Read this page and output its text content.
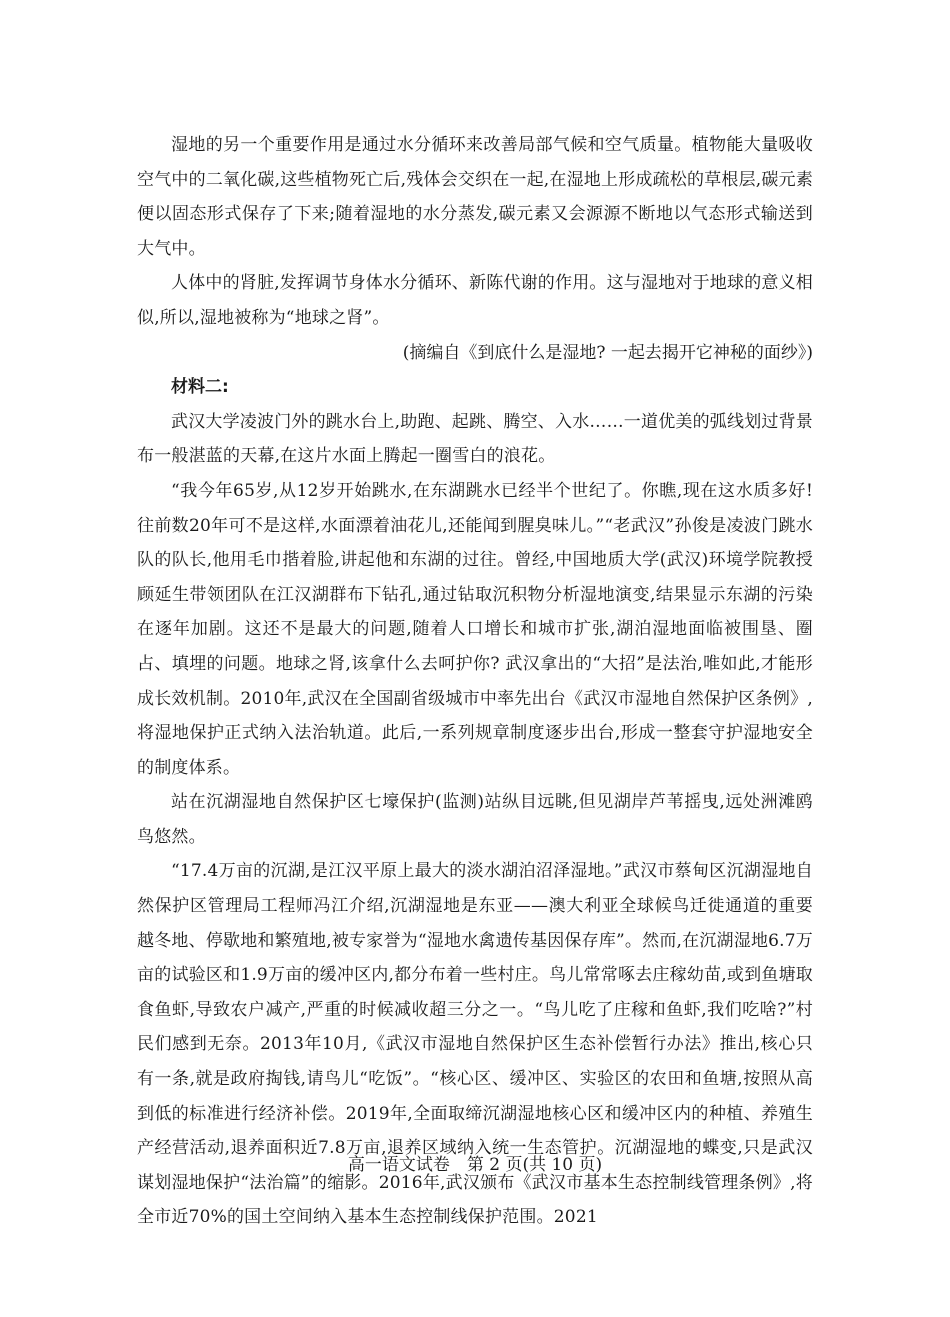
湿地的另一个重要作用是通过水分循环来改善局部气候和空气质量。植物能大量吸收空气中的二氧化碳,这些植物死亡后,残体会交织在一起,在湿地上形成疏松的草根层,碳元素便以固态形式保存了下来;随着湿地的水分蒸发,碳元素又会源源不断地以气态形式输送到大气中。

人体中的肾脏,发挥调节身体水分循环、新陈代谢的作用。这与湿地对于地球的意义相似,所以,湿地被称为“地球之肾”。

(摘编自《到底什么是湿地? 一起去揭开它神秘的面纱》)

材料二:

武汉大学凌波门外的跳水台上,助跑、起跳、腾空、入水……一道优美的弧线划过背景布一般湛蓝的天幕,在这片水面上腾起一圈雪白的浪花。

“我今年65岁,从12岁开始跳水,在东湖跳水已经半个世纪了。你瞧,现在这水质多好! 往前数20年可不是这样,水面漂着油花儿,还能闻到腥臭味儿。”“老武汉”孙俊是凌波门跳水队的队长,他用毛巾揩着脸,讲起他和东湖的过往。曾经,中国地质大学(武汉)环境学院教授顾延生带领团队在江汉湖群布下钻孔,通过钻取沉积物分析湿地演变,结果显示东湖的污染在逐年加剧。这还不是最大的问题,随着人口增长和城市扩张,湖泊湿地面临被围垦、圈占、填埋的问题。地球之肾,该拿什么去呵护你? 武汉拿出的“大招”是法治,唯如此,才能形成长效机制。2010年,武汉在全国副省级城市中率先出台《武汉市湿地自然保护区条例》,将湿地保护正式纳入法治轨道。此后,一系列规章制度逐步出台,形成一整套守护湿地安全的制度体系。

站在沉湖湿地自然保护区七壕保护(监测)站纵目远眺,但见湖岸芦苇摇曳,远处洲滩鸥鸟悠然。

“17.4万亩的沉湖,是江汉平原上最大的淡水湖泊沼泽湿地。”武汉市蔡甸区沉湖湿地自然保护区管理局工程师冯江介绍,沉湖湿地是东亚——澳大利亚全球候鸟迁徙通道的重要越冬地、停歇地和繁殖地,被专家誉为“湿地水禽遗传基因保存库”。然而,在沉湖湿地6.7万亩的试验区和1.9万亩的缓冲区内,都分布着一些村庄。鸟儿常常啄去庄稼幼苗,或到鱼塘取食鱼虾,导致农户减产,严重的时候减收超三分之一。“鸟儿吃了庄稼和鱼虾,我们吃啥?”村民们感到无奈。2013年10月,《武汉市湿地自然保护区生态补偿暂行办法》推出,核心只有一条,就是政府掏钱,请鸟儿“吃饭”。“核心区、缓冲区、实验区的农田和鱼塘,按照从高到低的标准进行经济补偿。2019年,全面取缔沉湖湿地核心区和缓冲区内的种植、养殖生产经营活动,退养面积近7.8万亩,退养区域纳入统一生态管护。沉湖湿地的蝶变,只是武汉谋划湿地保护“法治篇”的缩影。2016年,武汉颁布《武汉市基本生态控制线管理条例》,将全市近70%的国土空间纳入基本生态控制线保护范围。2021

高一语文试卷　第 2 页(共 10 页)
